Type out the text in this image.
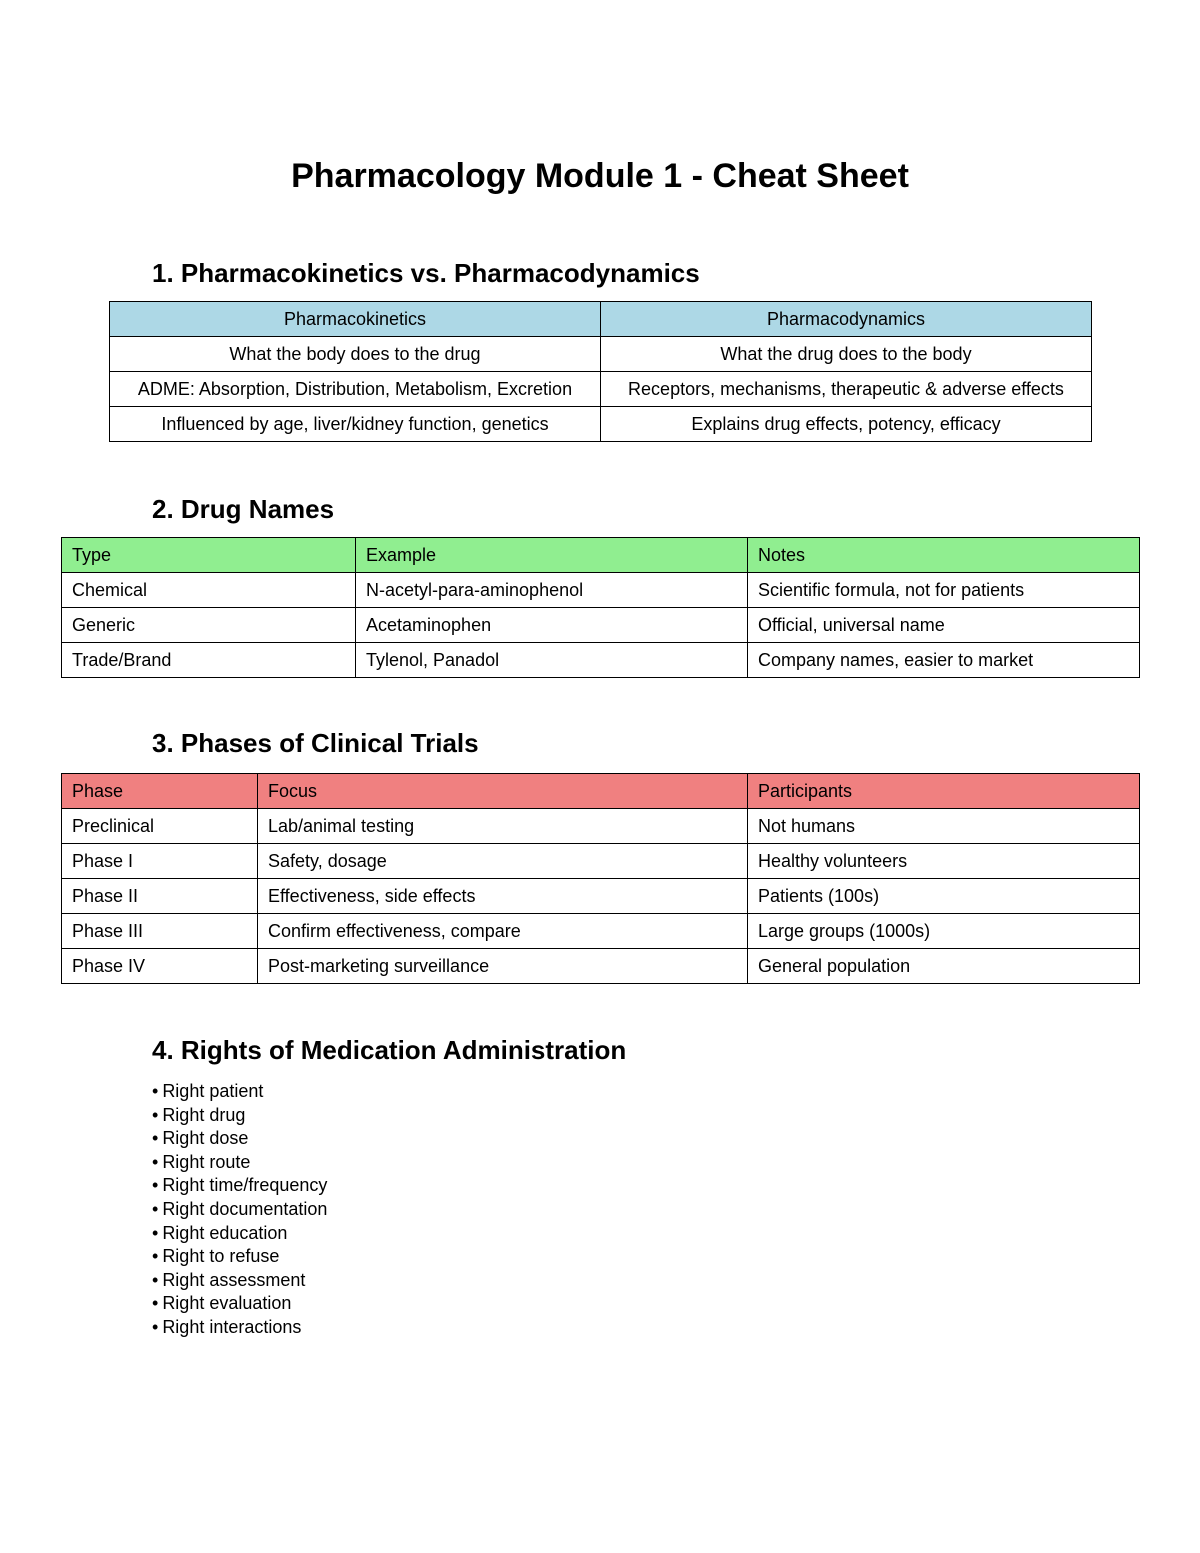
Pharmacology Module 1 - Cheat Sheet
1. Pharmacokinetics vs. Pharmacodynamics
Pharmacokinetics	Pharmacodynamics
What the body does to the drug	What the drug does to the body
ADME: Absorption, Distribution, Metabolism, Excretion	Receptors, mechanisms, therapeutic & adverse effects
Influenced by age, liver/kidney function, genetics	Explains drug effects, potency, efficacy
2. Drug Names
Type	Example	Notes
Chemical	N-acetyl-para-aminophenol	Scientific formula, not for patients
Generic	Acetaminophen	Official, universal name
Trade/Brand	Tylenol, Panadol	Company names, easier to market
3. Phases of Clinical Trials
Phase	Focus	Participants
Preclinical	Lab/animal testing	Not humans
Phase I	Safety, dosage	Healthy volunteers
Phase II	Effectiveness, side effects	Patients (100s)
Phase III	Confirm effectiveness, compare	Large groups (1000s)
Phase IV	Post-marketing surveillance	General population
4. Rights of Medication Administration
• Right patient
• Right drug
• Right dose
• Right route
• Right time/frequency
• Right documentation
• Right education
• Right to refuse
• Right assessment
• Right evaluation
• Right interactions
